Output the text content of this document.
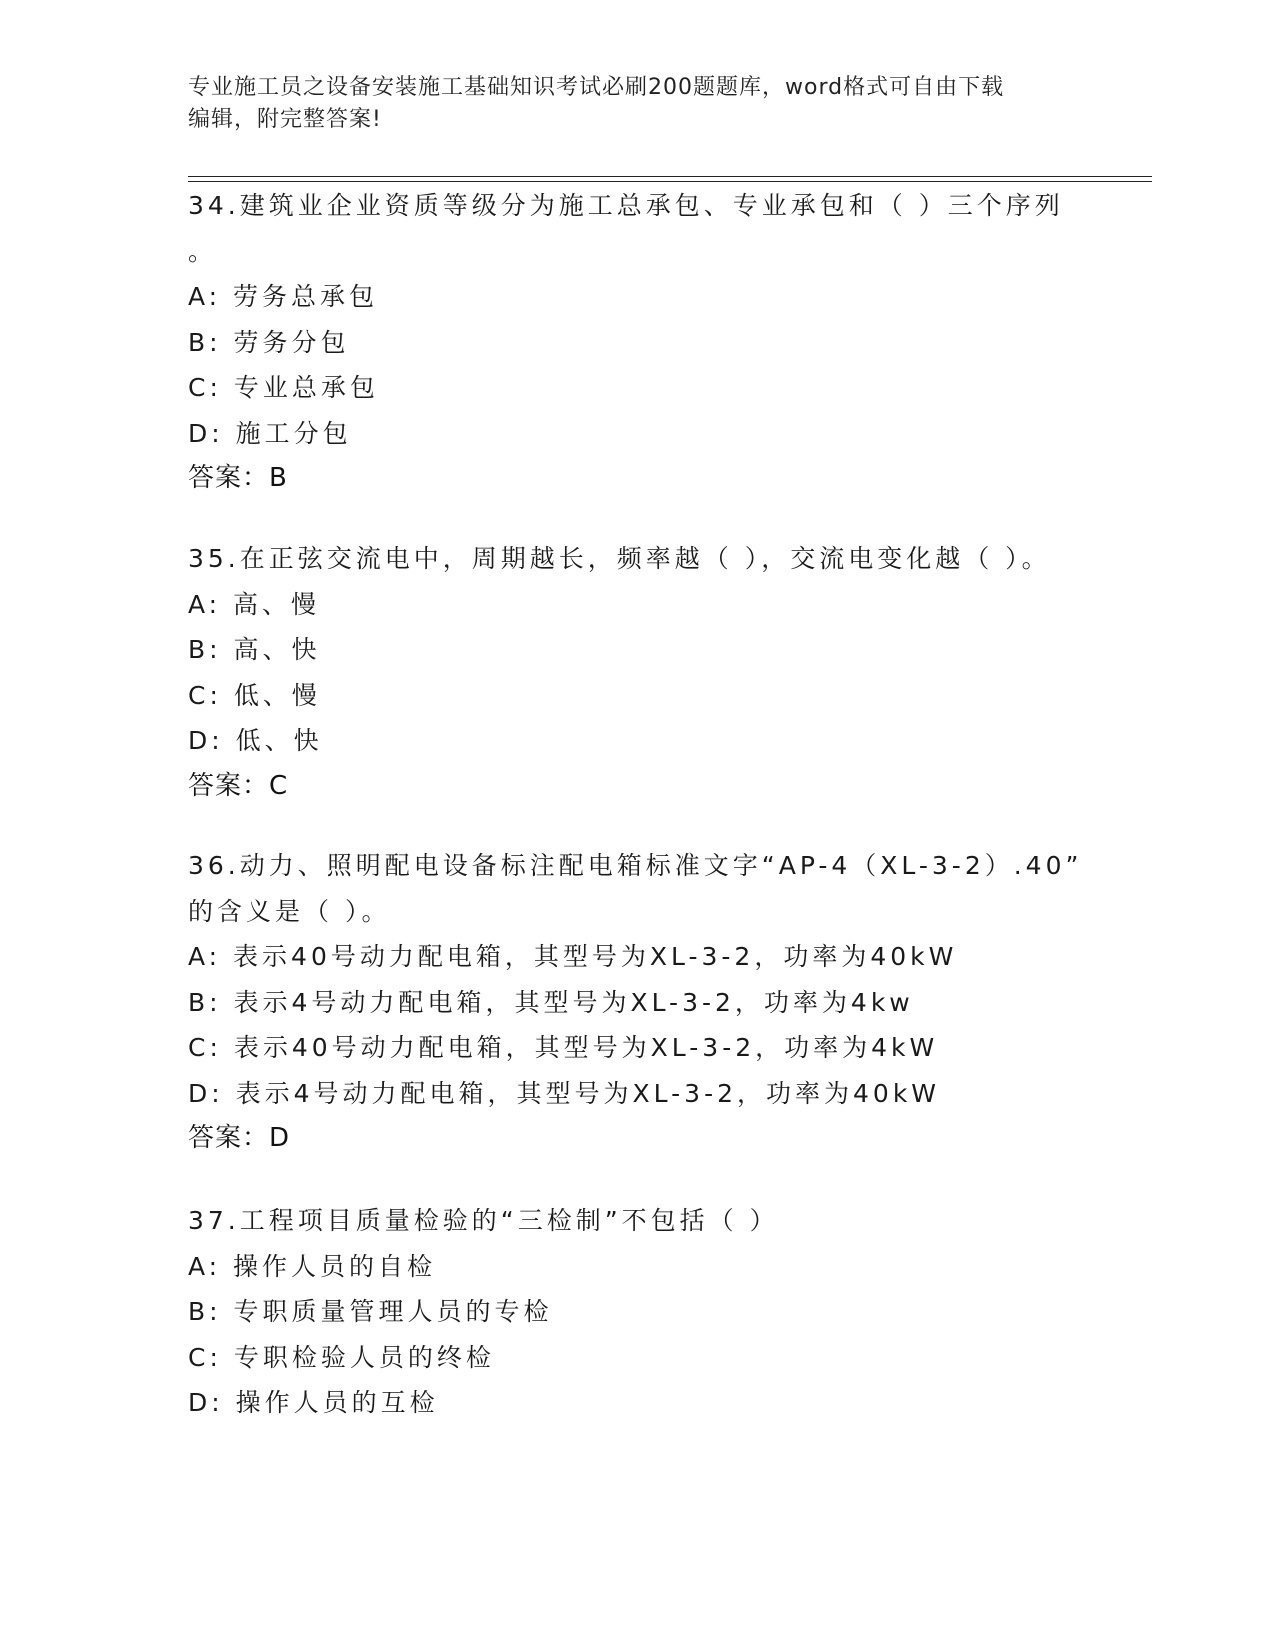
专业施工员之设备安装施工基础知识考试必刷200题题库，word格式可自由下载
编辑，附完整答案!
34.建筑业企业资质等级分为施工总承包、专业承包和（ ）三个序列
。
A: 劳务总承包
B: 劳务分包
C: 专业总承包
D: 施工分包
答案：B
35.在正弦交流电中，周期越长，频率越（ ），交流电变化越（ ）。
A: 高、慢
B: 高、快
C: 低、慢
D: 低、快
答案：C
36.动力、照明配电设备标注配电箱标准文字“AP-4（XL-3-2）.40”
的含义是（ ）。
A: 表示40号动力配电箱，其型号为XL-3-2，功率为40kW
B: 表示4号动力配电箱，其型号为XL-3-2，功率为4kw
C: 表示40号动力配电箱，其型号为XL-3-2，功率为4kW
D: 表示4号动力配电箱，其型号为XL-3-2，功率为40kW
答案：D
37.工程项目质量检验的“三检制”不包括（ ）
A: 操作人员的自检
B: 专职质量管理人员的专检
C: 专职检验人员的终检
D: 操作人员的互检
